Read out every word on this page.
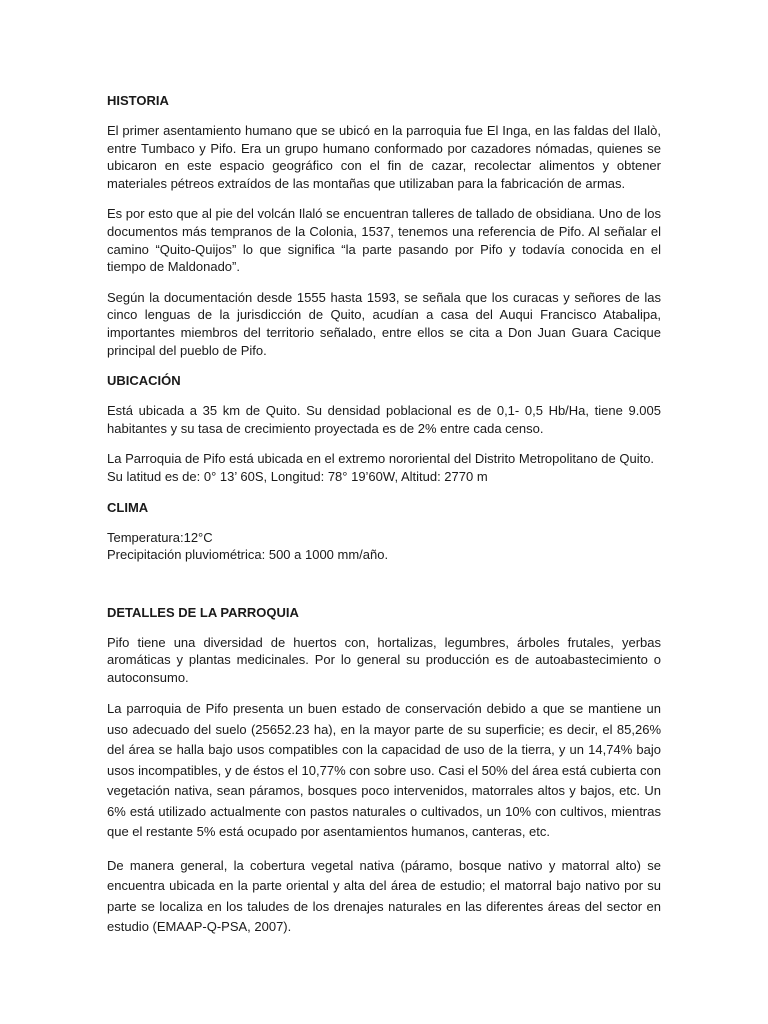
HISTORIA

El primer asentamiento humano que se ubicó en la parroquia fue El Inga, en las faldas del Ilalò, entre Tumbaco y Pifo. Era un grupo humano conformado por cazadores nómadas, quienes se ubicaron en este espacio geográfico con el fin de cazar, recolectar alimentos y obtener materiales pétreos extraídos de las montañas que utilizaban para la fabricación de armas.

Es por esto que al pie del volcán Ilaló se encuentran talleres de tallado de obsidiana. Uno de los documentos más tempranos de la Colonia, 1537, tenemos una referencia de Pifo. Al señalar el camino “Quito-Quijos” lo que significa “la parte pasando por Pifo y todavía conocida en el tiempo de Maldonado”.

Según la documentación desde 1555 hasta 1593, se señala que los curacas y señores de las cinco lenguas de la jurisdicción de Quito, acudían a casa del Auqui Francisco Atabalipa, importantes miembros del territorio señalado, entre ellos se cita a Don Juan Guara Cacique principal del pueblo de Pifo.

UBICACIÓN

Está ubicada a 35 km de Quito. Su densidad poblacional es de 0,1- 0,5 Hb/Ha, tiene 9.005 habitantes y su tasa de crecimiento proyectada es de 2% entre cada censo.

La Parroquia de Pifo está ubicada en el extremo nororiental del Distrito Metropolitano de Quito.
Su latitud es de: 0° 13’ 60S, Longitud: 78° 19’60W, Altitud: 2770 m

CLIMA

Temperatura:12°C
Precipitación pluviométrica: 500 a 1000 mm/año.

DETALLES DE LA PARROQUIA

Pifo tiene una diversidad de huertos con, hortalizas, legumbres, árboles frutales, yerbas aromáticas y plantas medicinales. Por lo general su producción es de autoabastecimiento o autoconsumo.

La parroquia de Pifo presenta un buen estado de conservación debido a que se mantiene un uso adecuado del suelo (25652.23 ha), en la mayor parte de su superficie; es decir, el 85,26% del área se halla bajo usos compatibles con la capacidad de uso de la tierra, y un 14,74% bajo usos incompatibles, y de éstos el 10,77% con sobre uso. Casi el 50% del área está cubierta con vegetación nativa, sean páramos, bosques poco intervenidos, matorrales altos y bajos, etc. Un 6% está utilizado actualmente con pastos naturales o cultivados, un 10% con cultivos, mientras que el restante 5% está ocupado por asentamientos humanos, canteras, etc.

De manera general, la cobertura vegetal nativa (páramo, bosque nativo y matorral alto) se encuentra ubicada en la parte oriental y alta del área de estudio; el matorral bajo nativo por su parte se localiza en los taludes de los drenajes naturales en las diferentes áreas del sector en estudio (EMAAP-Q-PSA, 2007).
